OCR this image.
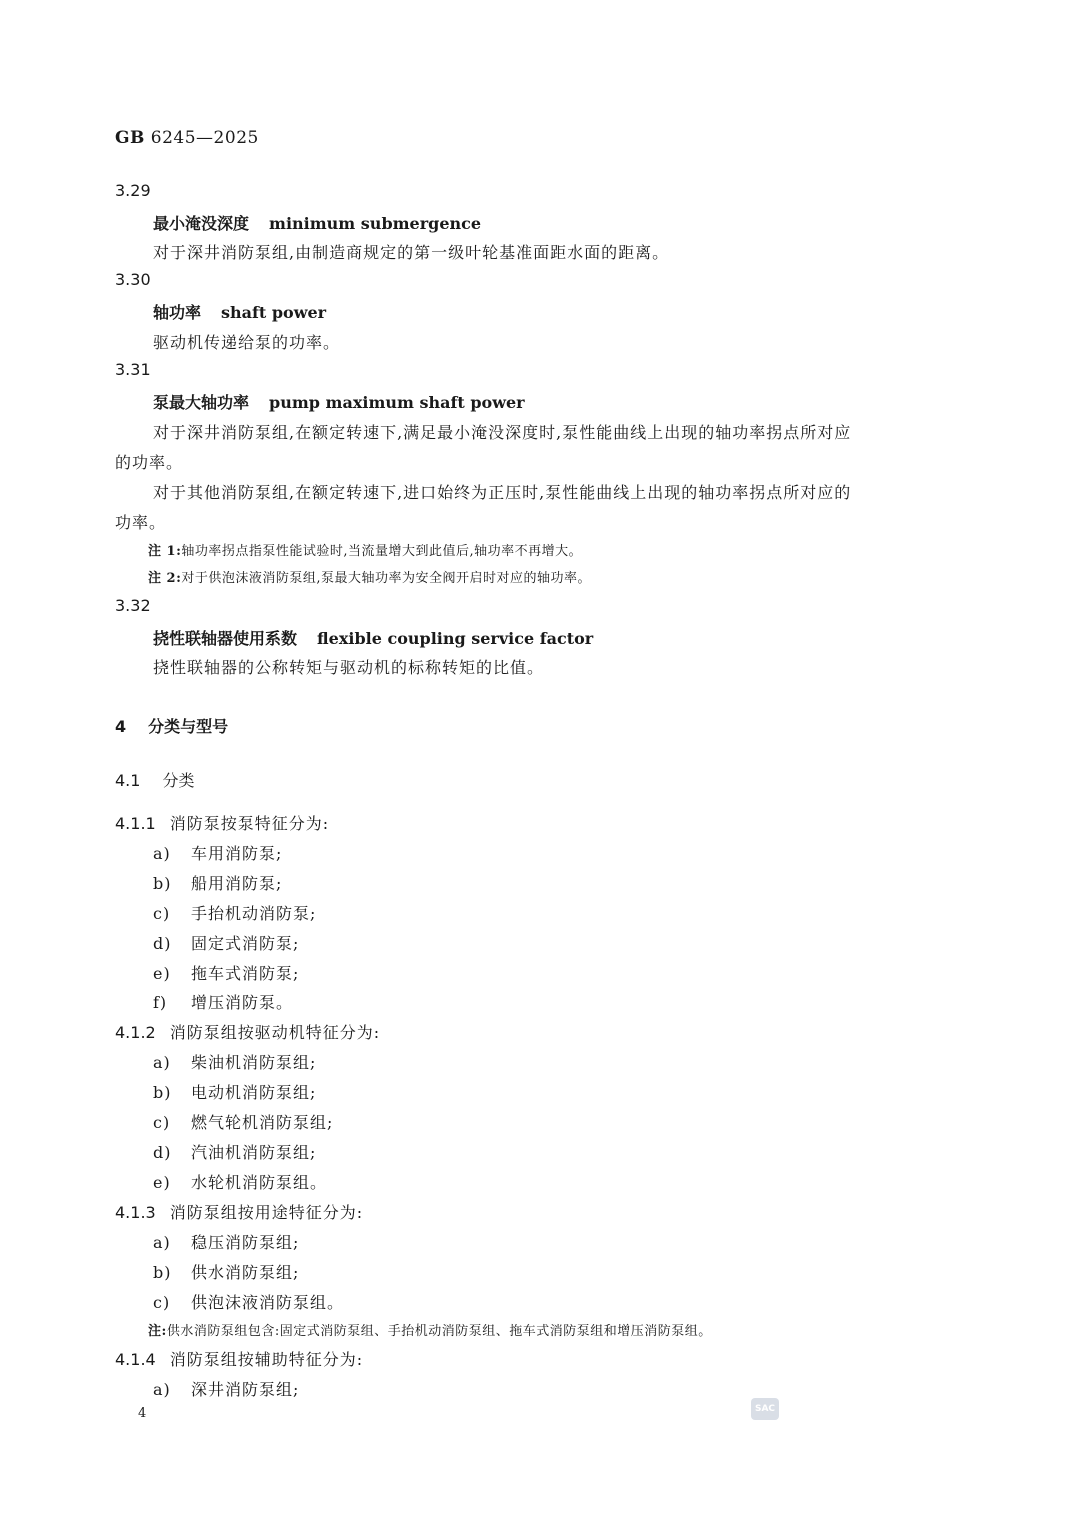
GB 6245—2025
3.29
最小淹没深度 minimum submergence
对于深井消防泵组,由制造商规定的第一级叶轮基准面距水面的距离。
3.30
轴功率 shaft power
驱动机传递给泵的功率。
3.31
泵最大轴功率 pump maximum shaft power
对于深井消防泵组,在额定转速下,满足最小淹没深度时,泵性能曲线上出现的轴功率拐点所对应
的功率。
对于其他消防泵组,在额定转速下,进口始终为正压时,泵性能曲线上出现的轴功率拐点所对应的
功率。
注 1:轴功率拐点指泵性能试验时,当流量增大到此值后,轴功率不再增大。
注 2:对于供泡沫液消防泵组,泵最大轴功率为安全阀开启时对应的轴功率。
3.32
挠性联轴器使用系数 flexible coupling service factor
挠性联轴器的公称转矩与驱动机的标称转矩的比值。
4 分类与型号
4.1 分类
4.1.1 消防泵按泵特征分为:
a) 车用消防泵;
b) 船用消防泵;
c) 手抬机动消防泵;
d) 固定式消防泵;
e) 拖车式消防泵;
f) 增压消防泵。
4.1.2 消防泵组按驱动机特征分为:
a) 柴油机消防泵组;
b) 电动机消防泵组;
c) 燃气轮机消防泵组;
d) 汽油机消防泵组;
e) 水轮机消防泵组。
4.1.3 消防泵组按用途特征分为:
a) 稳压消防泵组;
b) 供水消防泵组;
c) 供泡沫液消防泵组。
注:供水消防泵组包含:固定式消防泵组、手抬机动消防泵组、拖车式消防泵组和增压消防泵组。
4.1.4 消防泵组按辅助特征分为:
a) 深井消防泵组;
4	SAC
